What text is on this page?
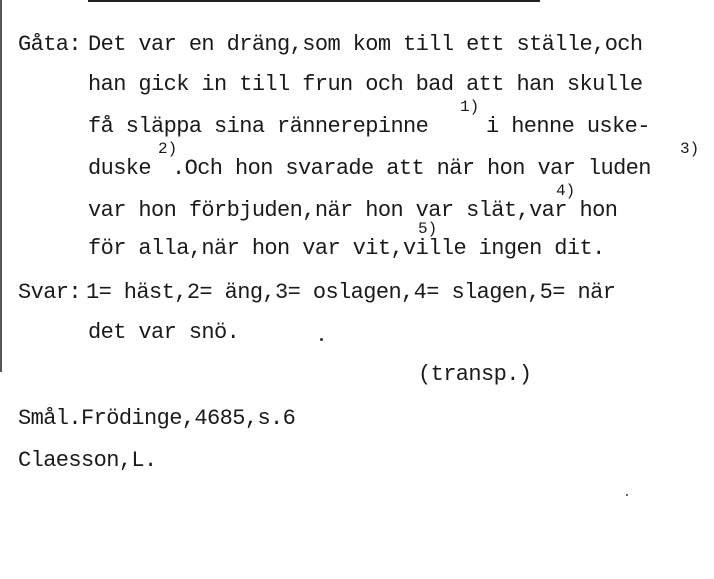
Gåta: Det var en dräng,som kom till ett ställe,och
han gick in till frun och bad att han skulle
få släppa sina rännerepinne
1)
i henne uske-
duske
2)
.Och hon svarade att när hon var luden
3)
var hon förbjuden,när hon var slät,var hon
4)
för alla,när hon var vit,ville ingen dit.
5)
Svar: 1= häst,2= äng,3= oslagen,4= slagen,5= när
det var snö.
(transp.)
Smål.Frödinge,4685,s.6
Claesson,L.
